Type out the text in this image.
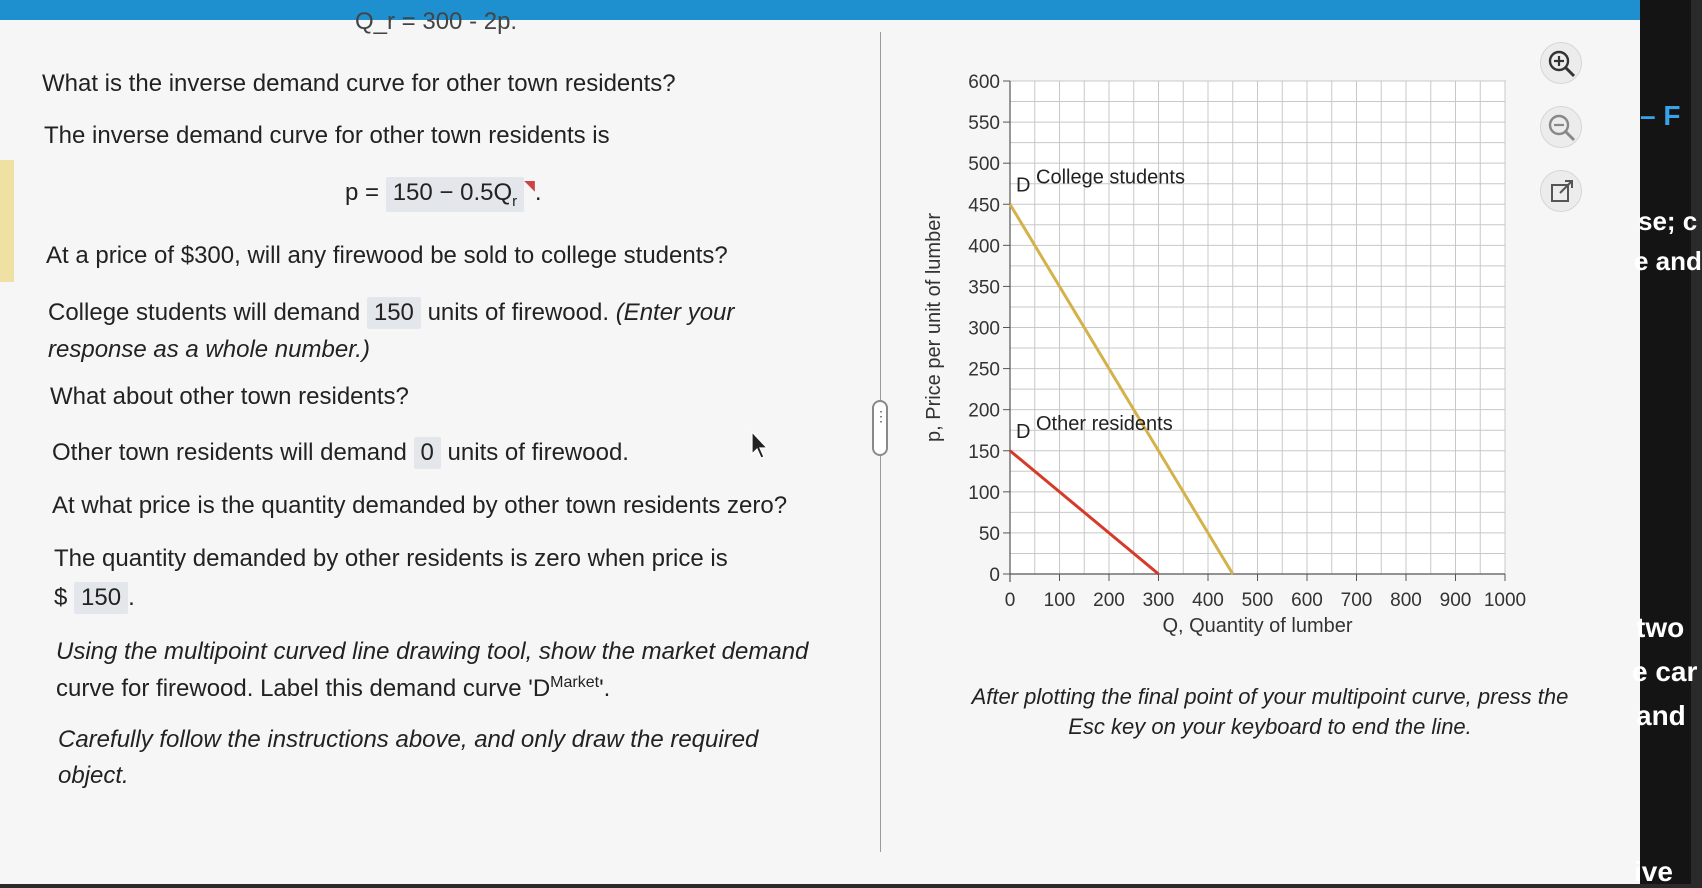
Q_r = 300 - 2p.
What is the inverse demand curve for other town residents?
The inverse demand curve for other town residents is
$p = 150 - 0.5Q_r^◥$.
At a price of $300, will any firewood be sold to college students?
College students will demand 150 units of firewood. (Enter your
response as a whole number.)
What about other town residents?
Other town residents will demand 0 units of firewood.
At what price is the quantity demanded by other town residents zero?
The quantity demanded by other residents is zero when price is
$ 150 .
Using the multipoint curved line drawing tool, show the market demand
curve for firewood. Label this demand curve '$D^{Market}$'.
Carefully follow the instructions above, and only draw the required
object.
⋮
0
50
100
150
200
250
300
350
400
450
500
550
600
0 100 200 300 400 500 600 700 800 900 1000
Q, Quantity of lumber
p, Price per unit of lumber
D College students
D Other residents
After plotting the final point of your multipoint curve, press the
Esc key on your keyboard to end the line.
– F
se; c
e and
two
e car
and
ive
